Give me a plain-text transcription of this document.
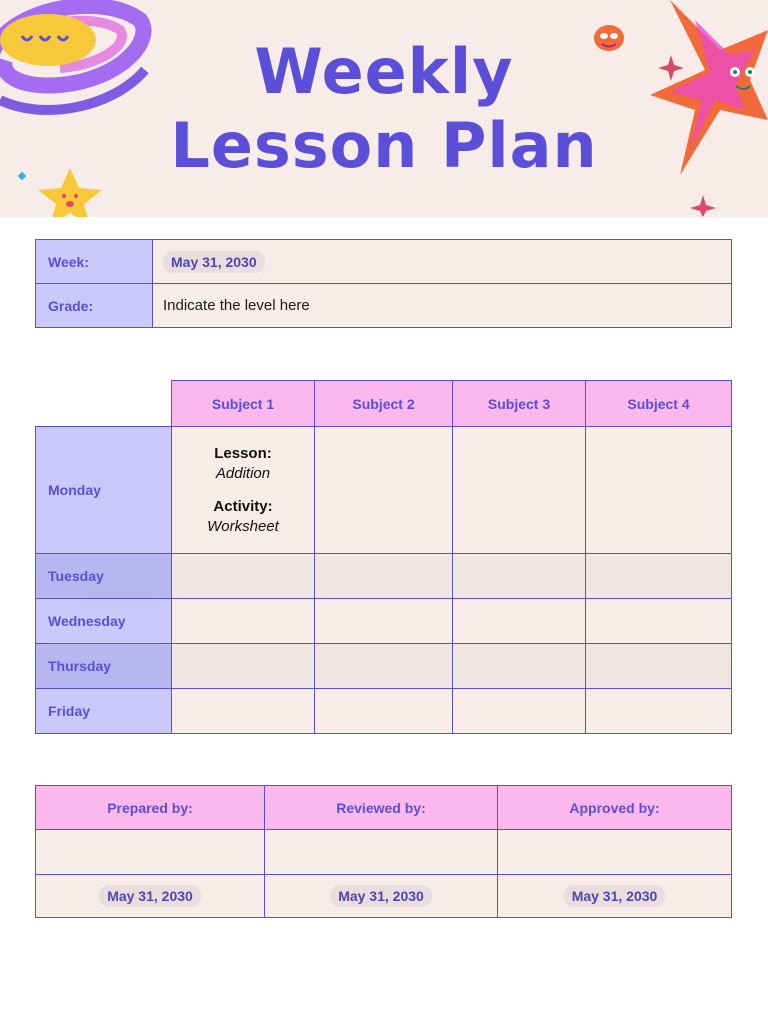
Weekly
Lesson Plan
Week:	May 31, 2030
Grade:	Indicate the level here
	Subject 1	Subject 2	Subject 3	Subject 4
Monday	Lesson:
Addition
Activity:
Worksheet			

Tuesday				
Wednesday				
Thursday				
Friday				
Prepared by:	Reviewed by:	Approved by:

May 31, 2030	May 31, 2030	May 31, 2030
